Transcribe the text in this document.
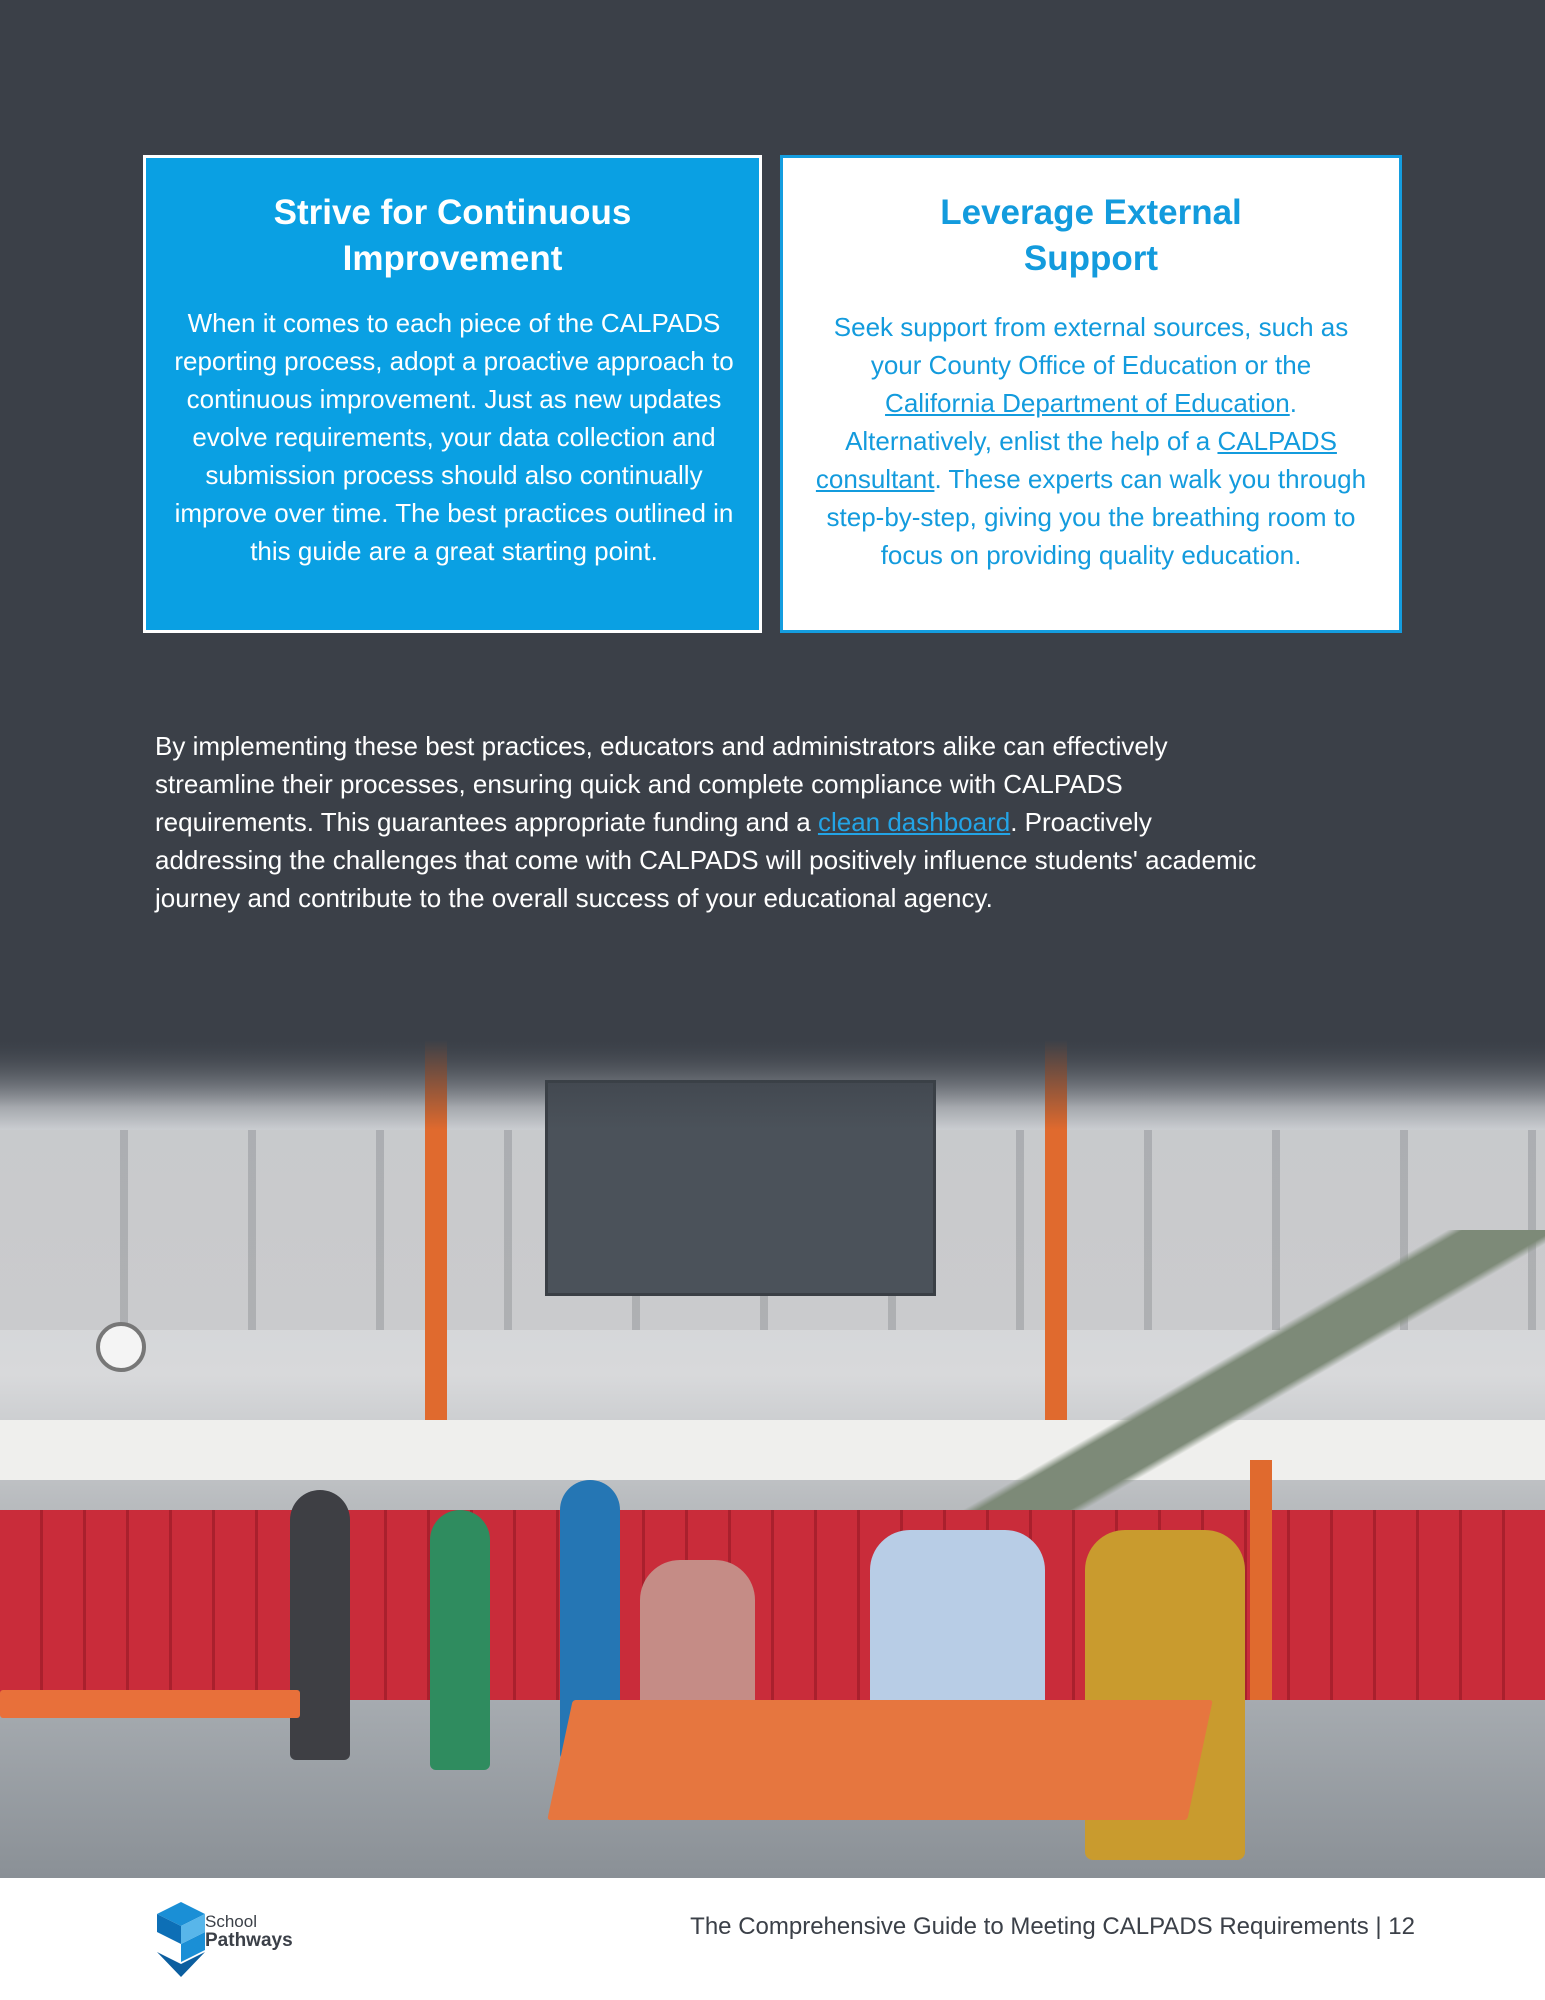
Strive for Continuous Improvement

When it comes to each piece of the CALPADS reporting process, adopt a proactive approach to continuous improvement. Just as new updates evolve requirements, your data collection and submission process should also continually improve over time. The best practices outlined in this guide are a great starting point.

Leverage External Support

Seek support from external sources, such as your County Office of Education or the California Department of Education. Alternatively, enlist the help of a CALPADS consultant. These experts can walk you through step-by-step, giving you the breathing room to focus on providing quality education.

By implementing these best practices, educators and administrators alike can effectively streamline their processes, ensuring quick and complete compliance with CALPADS requirements. This guarantees appropriate funding and a clean dashboard. Proactively addressing the challenges that come with CALPADS will positively influence students' academic journey and contribute to the overall success of your educational agency.

School
Pathways
The Comprehensive Guide to Meeting CALPADS Requirements | 12
